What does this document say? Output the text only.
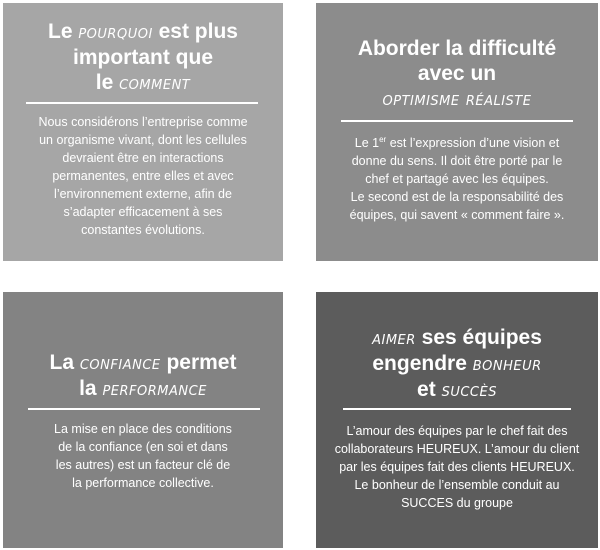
Le pourquoi est plus
important que
le comment
Nous considérons l’entreprise comme
un organisme vivant, dont les cellules
devraient être en interactions
permanentes, entre elles et avec
l’environnement externe, afin de
s’adapter efficacement à ses
constantes évolutions.
Aborder la difficulté
avec un
optimisme réaliste
Le 1er est l’expression d’une vision et
donne du sens. Il doit être porté par le
chef et partagé avec les équipes.
Le second est de la responsabilité des
équipes, qui savent « comment faire ».
La confiance permet
la performance
La mise en place des conditions
de la confiance (en soi et dans
les autres) est un facteur clé de
la performance collective.
aimer ses équipes
engendre bonheur
et succès
L’amour des équipes par le chef fait des
collaborateurs HEUREUX. L’amour du client
par les équipes fait des clients HEUREUX.
Le bonheur de l’ensemble conduit au
SUCCES du groupe
